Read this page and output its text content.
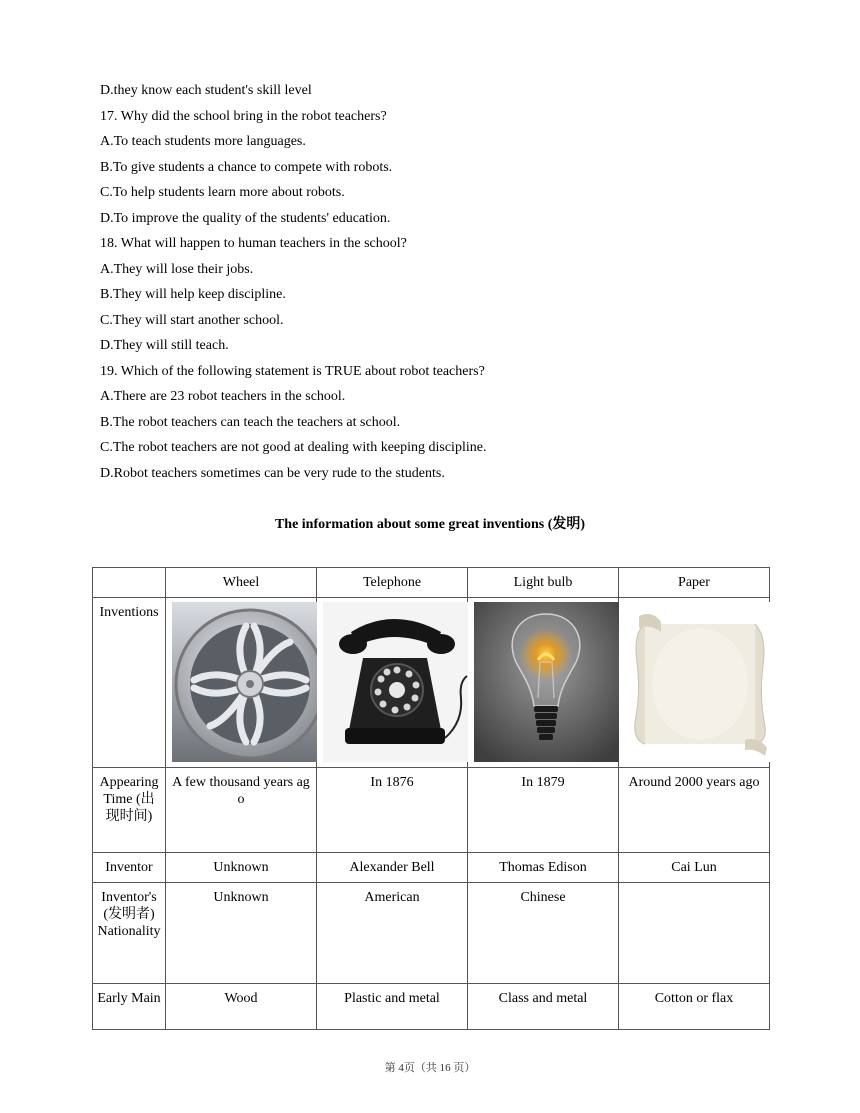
D.they know each student's skill level
17. Why did the school bring in the robot teachers?
A.To teach students more languages.
B.To give students a chance to compete with robots.
C.To help students learn more about robots.
D.To improve the quality of the students' education.
18. What will happen to human teachers in the school?
A.They will lose their jobs.
B.They will help keep discipline.
C.They will start another school.
D.They will still teach.
19. Which of the following statement is TRUE about robot teachers?
A.There are 23 robot teachers in the school.
B.The robot teachers can teach the teachers at school.
C.The robot teachers are not good at dealing with keeping discipline.
D.Robot teachers sometimes can be very rude to the students.
The information about some great inventions (发明)
	Wheel	Telephone	Light bulb	Paper
Inventions	

Appearing Time (出现时间)	A few thousand years ago	In 1876	In 1879	Around 2000 years ago
Inventor	Unknown	Alexander Bell	Thomas Edison	Cai Lun
Inventor's (发明者) Nationality	Unknown	American	Chinese	
Early Main	Wood	Plastic and metal	Class and metal	Cotton or flax
第 4页（共 16 页）
